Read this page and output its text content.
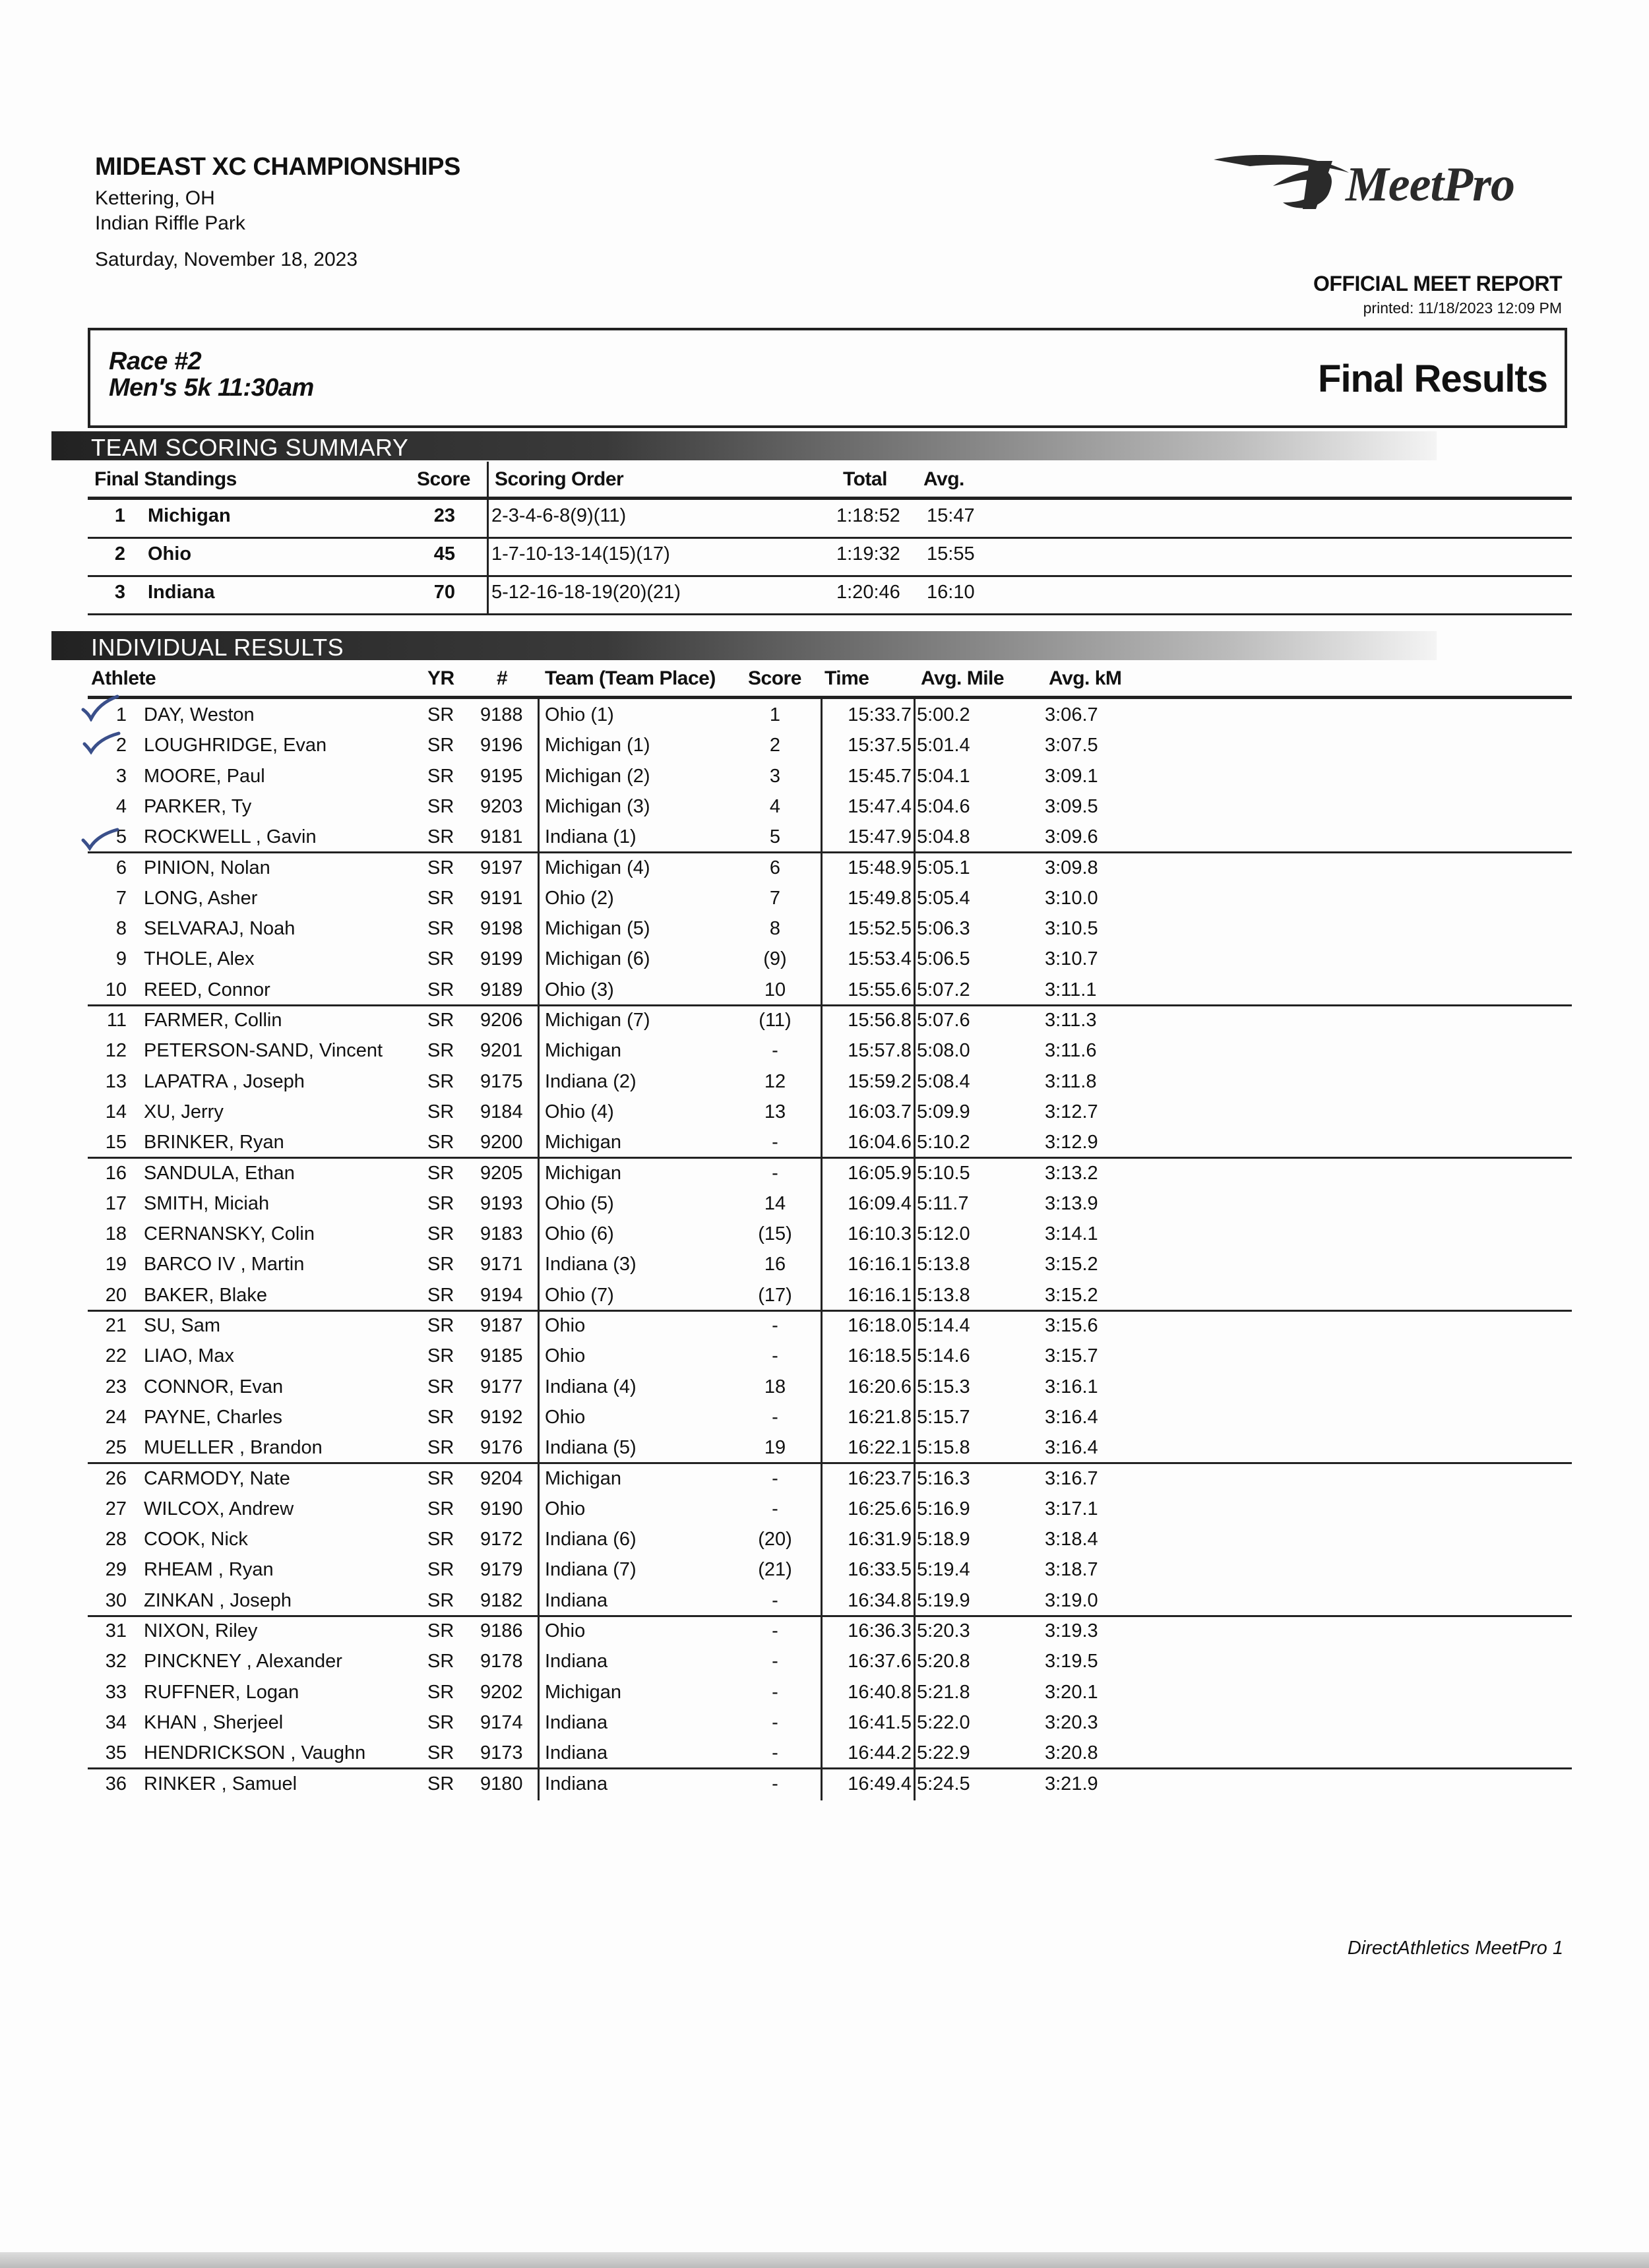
MIDEAST XC CHAMPIONSHIPS
Kettering, OH
Indian Riffle Park
Saturday, November 18, 2023
MeetPro
OFFICIAL MEET REPORT
printed: 11/18/2023 12:09 PM
Race #2
Men's 5k 11:30am	Final Results
TEAM SCORING SUMMARY
Final Standings	Score Scoring Order	Total Avg.
1 Michigan	23 2-3-4-6-8(9)(11)	1:18:52 15:47
2 Ohio	45 1-7-10-13-14(15)(17)	1:19:32 15:55
3 Indiana	70 5-12-16-18-19(20)(21)	1:20:46 16:10
INDIVIDUAL RESULTS
Athlete	YR # Team (Team Place) Score Time	Avg. Mile Avg. kM
1 DAY, Weston	SR 9188 Ohio (1)	1	15:33.7 5:00.2	3:06.7
2 LOUGHRIDGE, Evan	SR 9196 Michigan (1)	2	15:37.5 5:01.4	3:07.5
3 MOORE, Paul	SR 9195 Michigan (2)	3	15:45.7 5:04.1	3:09.1
4 PARKER, Ty	SR 9203 Michigan (3)	4	15:47.4 5:04.6	3:09.5
5 ROCKWELL , Gavin	SR 9181 Indiana (1)	5	15:47.9 5:04.8	3:09.6
6 PINION, Nolan	SR 9197 Michigan (4)	6	15:48.9 5:05.1	3:09.8
7 LONG, Asher	SR 9191 Ohio (2)	7	15:49.8 5:05.4	3:10.0
8 SELVARAJ, Noah	SR 9198 Michigan (5)	8	15:52.5 5:06.3	3:10.5
9 THOLE, Alex	SR 9199 Michigan (6)	(9)	15:53.4 5:06.5	3:10.7
10 REED, Connor	SR 9189 Ohio (3)	10	15:55.6 5:07.2	3:11.1
11 FARMER, Collin	SR 9206 Michigan (7)	(11)	15:56.8 5:07.6	3:11.3
12 PETERSON-SAND, Vincent SR 9201 Michigan	-	15:57.8 5:08.0	3:11.6
13 LAPATRA , Joseph	SR 9175 Indiana (2)	12	15:59.2 5:08.4	3:11.8
14 XU, Jerry	SR 9184 Ohio (4)	13	16:03.7 5:09.9	3:12.7
15 BRINKER, Ryan	SR 9200 Michigan	-	16:04.6 5:10.2	3:12.9
16 SANDULA, Ethan	SR 9205 Michigan	-	16:05.9 5:10.5	3:13.2
17 SMITH, Miciah	SR 9193 Ohio (5)	14	16:09.4 5:11.7	3:13.9
18 CERNANSKY, Colin	SR 9183 Ohio (6)	(15)	16:10.3 5:12.0	3:14.1
19 BARCO IV , Martin	SR 9171 Indiana (3)	16	16:16.1 5:13.8	3:15.2
20 BAKER, Blake	SR 9194 Ohio (7)	(17)	16:16.1 5:13.8	3:15.2
21 SU, Sam	SR 9187 Ohio	-	16:18.0 5:14.4	3:15.6
22 LIAO, Max	SR 9185 Ohio	-	16:18.5 5:14.6	3:15.7
23 CONNOR, Evan	SR 9177 Indiana (4)	18	16:20.6 5:15.3	3:16.1
24 PAYNE, Charles	SR 9192 Ohio	-	16:21.8 5:15.7	3:16.4
25 MUELLER , Brandon	SR 9176 Indiana (5)	19	16:22.1 5:15.8	3:16.4
26 CARMODY, Nate	SR 9204 Michigan	-	16:23.7 5:16.3	3:16.7
27 WILCOX, Andrew	SR 9190 Ohio	-	16:25.6 5:16.9	3:17.1
28 COOK, Nick	SR 9172 Indiana (6)	(20)	16:31.9 5:18.9	3:18.4
29 RHEAM , Ryan	SR 9179 Indiana (7)	(21)	16:33.5 5:19.4	3:18.7
30 ZINKAN , Joseph	SR 9182 Indiana	-	16:34.8 5:19.9	3:19.0
31 NIXON, Riley	SR 9186 Ohio	-	16:36.3 5:20.3	3:19.3
32 PINCKNEY , Alexander	SR 9178 Indiana	-	16:37.6 5:20.8	3:19.5
33 RUFFNER, Logan	SR 9202 Michigan	-	16:40.8 5:21.8	3:20.1
34 KHAN , Sherjeel	SR 9174 Indiana	-	16:41.5 5:22.0	3:20.3
35 HENDRICKSON , Vaughn	SR 9173 Indiana	-	16:44.2 5:22.9	3:20.8
36 RINKER , Samuel	SR 9180 Indiana	-	16:49.4 5:24.5	3:21.9
DirectAthletics MeetPro 1
